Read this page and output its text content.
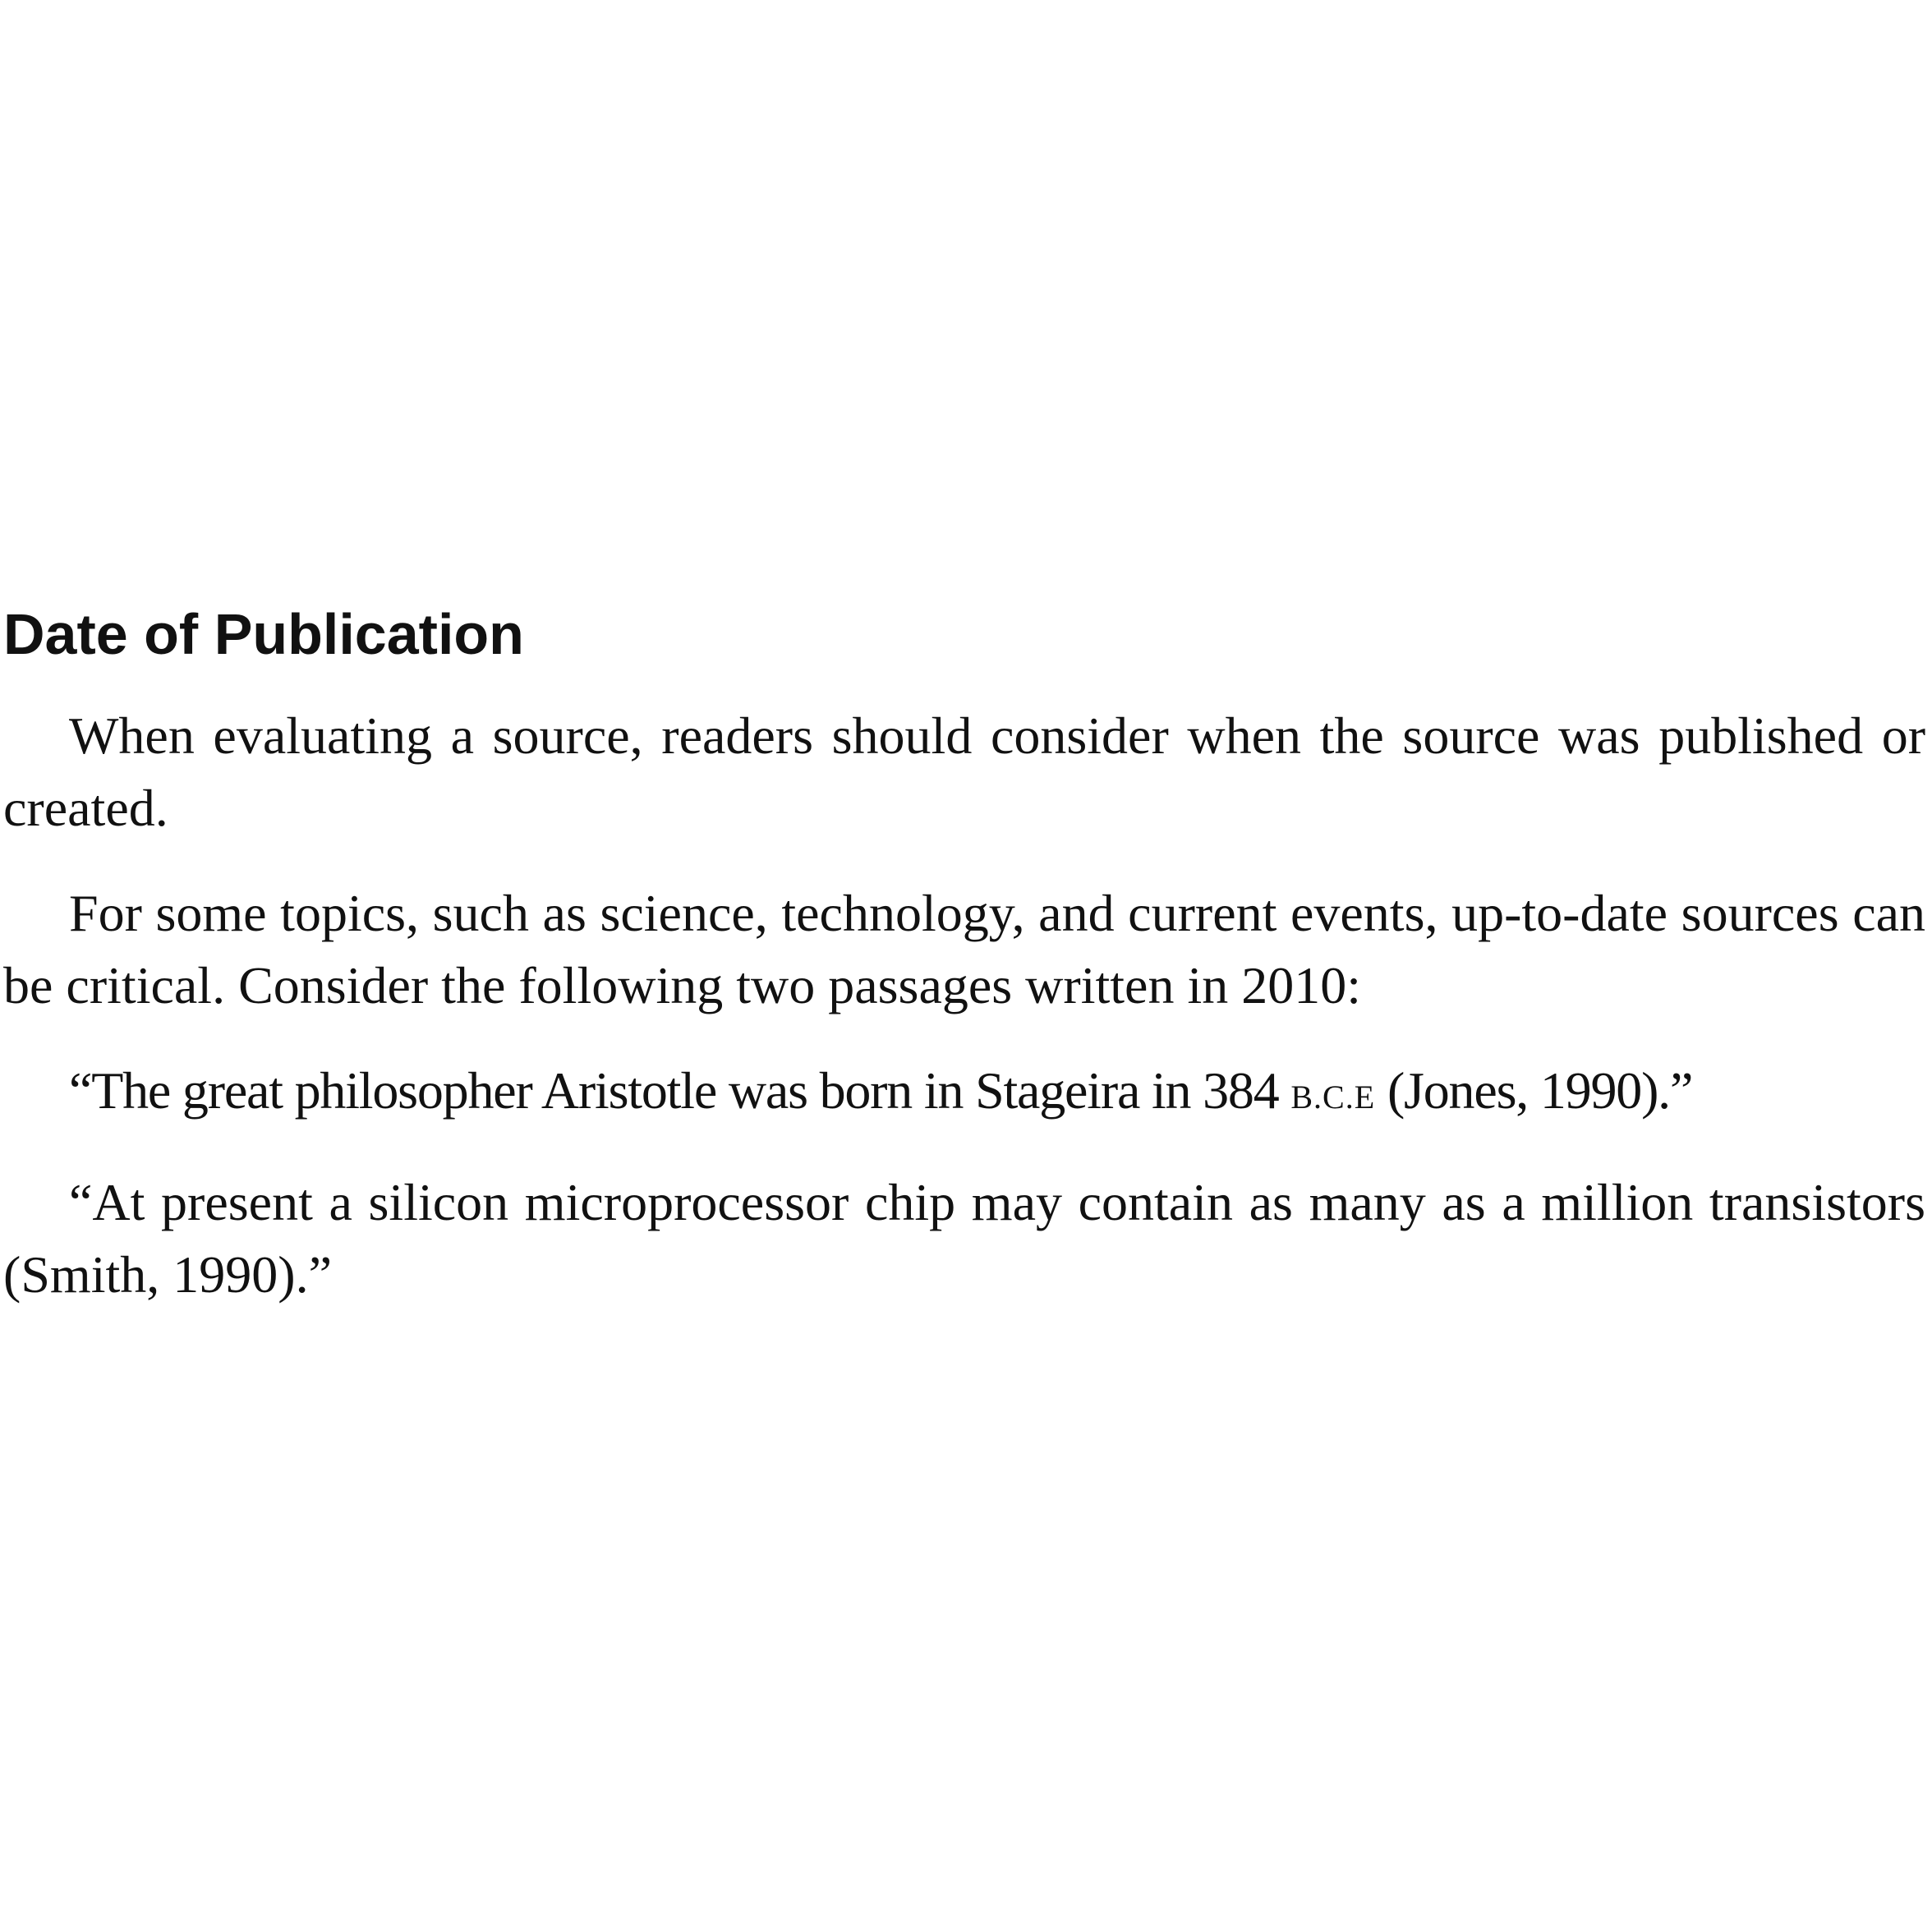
Date of Publication

When evaluating a source, readers should consider when the source was published or created.

For some topics, such as science, technology, and current events, up-to-date sources can be critical. Consider the following two passages written in 2010:

“The great philosopher Aristotle was born in Stageira in 384 B.C.E (Jones, 1990).”

“At present a silicon microprocessor chip may contain as many as a million transistors (Smith, 1990).”
